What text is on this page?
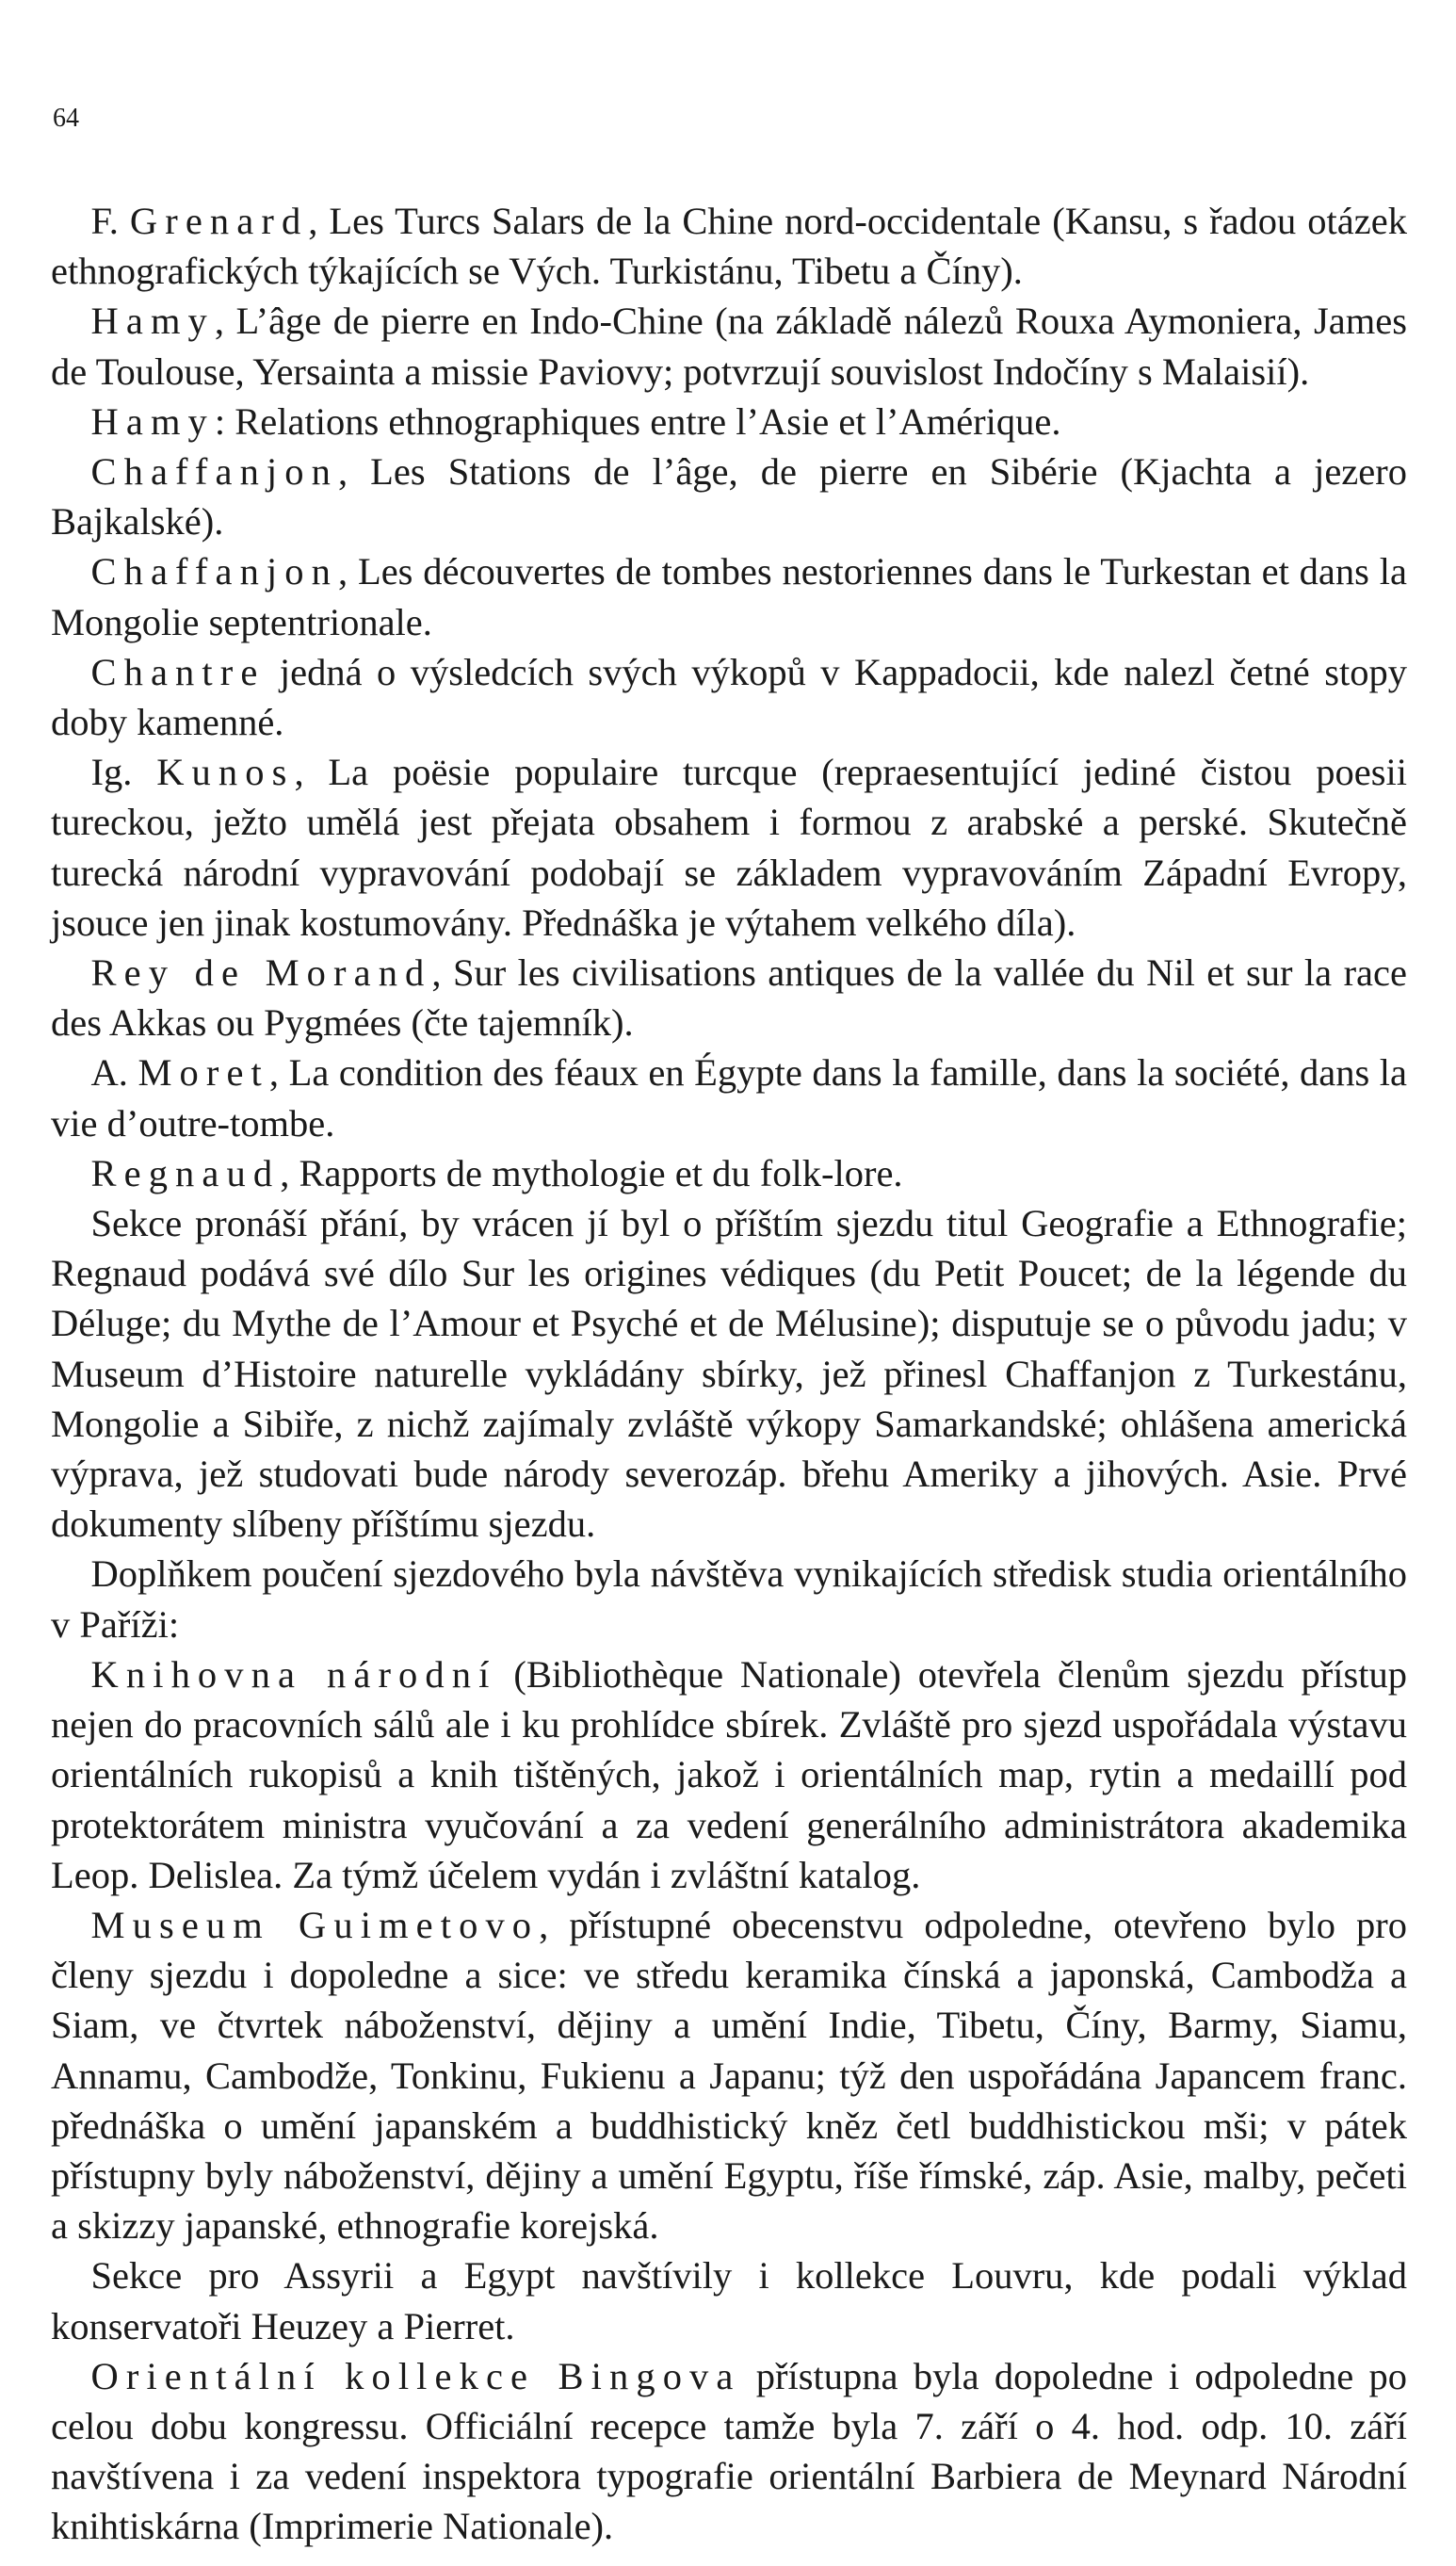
64

F. Grenard, Les Turcs Salars de la Chine nord-occidentale (Kansu, s řadou otázek ethnografických týkajících se Vých. Turkistánu, Tibetu a Číny).

Hamy, L’âge de pierre en Indo-Chine (na základě nálezů Rouxa Aymoniera, James de Toulouse, Yersainta a missie Paviovy; potvrzují souvislost Indočíny s Malaisií).

Hamy: Relations ethnographiques entre l’Asie et l’Amérique.

Chaffanjon, Les Stations de l’âge, de pierre en Sibérie (Kjachta a jezero Bajkalské).

Chaffanjon, Les découvertes de tombes nestoriennes dans le Turkestan et dans la Mongolie septentrionale.

Chantre jedná o výsledcích svých výkopů v Kappadocii, kde nalezl četné stopy doby kamenné.

Ig. Kunos, La poësie populaire turcque (repraesentující jediné čistou poesii tureckou, ježto umělá jest přejata obsahem i formou z arabské a perské. Skutečně turecká národní vypravování podobají se základem vypravováním Západní Evropy, jsouce jen jinak kostumovány. Přednáška je výtahem velkého díla).

Rey de Morand, Sur les civilisations antiques de la vallée du Nil et sur la race des Akkas ou Pygmées (čte tajemník).

A. Moret, La condition des féaux en Égypte dans la famille, dans la société, dans la vie d’outre-tombe.

Regnaud, Rapports de mythologie et du folk-lore.

Sekce pronáší přání, by vrácen jí byl o příštím sjezdu titul Geografie a Ethnografie; Regnaud podává své dílo Sur les origines védiques (du Petit Poucet; de la légende du Déluge; du Mythe de l’Amour et Psyché et de Mélusine); disputuje se o původu jadu; v Museum d’Histoire naturelle vykládány sbírky, jež přinesl Chaffanjon z Turkestánu, Mongolie a Sibiře, z nichž zajímaly zvláště výkopy Samarkandské; ohlášena americká výprava, jež studovati bude národy severozáp. břehu Ameriky a jihových. Asie. Prvé dokumenty slíbeny příštímu sjezdu.

Doplňkem poučení sjezdového byla návštěva vynikajících středisk studia orientálního v Paříži:

Knihovna národní (Bibliothèque Nationale) otevřela členům sjezdu přístup nejen do pracovních sálů ale i ku prohlídce sbírek. Zvláště pro sjezd uspořádala výstavu orientálních rukopisů a knih tištěných, jakož i orientálních map, rytin a medaillí pod protektorátem ministra vyučování a za vedení generálního administrátora akademika Leop. Delislea. Za týmž účelem vydán i zvláštní katalog.

Museum Guimetovo, přístupné obecenstvu odpoledne, otevřeno bylo pro členy sjezdu i dopoledne a sice: ve středu keramika čínská a japonská, Cambodža a Siam, ve čtvrtek náboženství, dějiny a umění Indie, Tibetu, Číny, Barmy, Siamu, Annamu, Cambodže, Tonkinu, Fukienu a Japanu; týž den uspořádána Japancem franc. přednáška o umění japanském a buddhistický kněz četl buddhistickou mši; v pátek přístupny byly náboženství, dějiny a umění Egyptu, říše římské, záp. Asie, malby, pečeti a skizzy japanské, ethnografie korejská.

Sekce pro Assyrii a Egypt navštívily i kollekce Louvru, kde podali výklad konservatoři Heuzey a Pierret.

Orientální kollekce Bingova přístupna byla dopoledne i odpoledne po celou dobu kongressu. Officiální recepce tamže byla 7. září o 4. hod. odp. 10. září navštívena i za vedení inspektora typografie orientální Barbiera de Meynard Národní knihtiskárna (Imprimerie Nationale).
